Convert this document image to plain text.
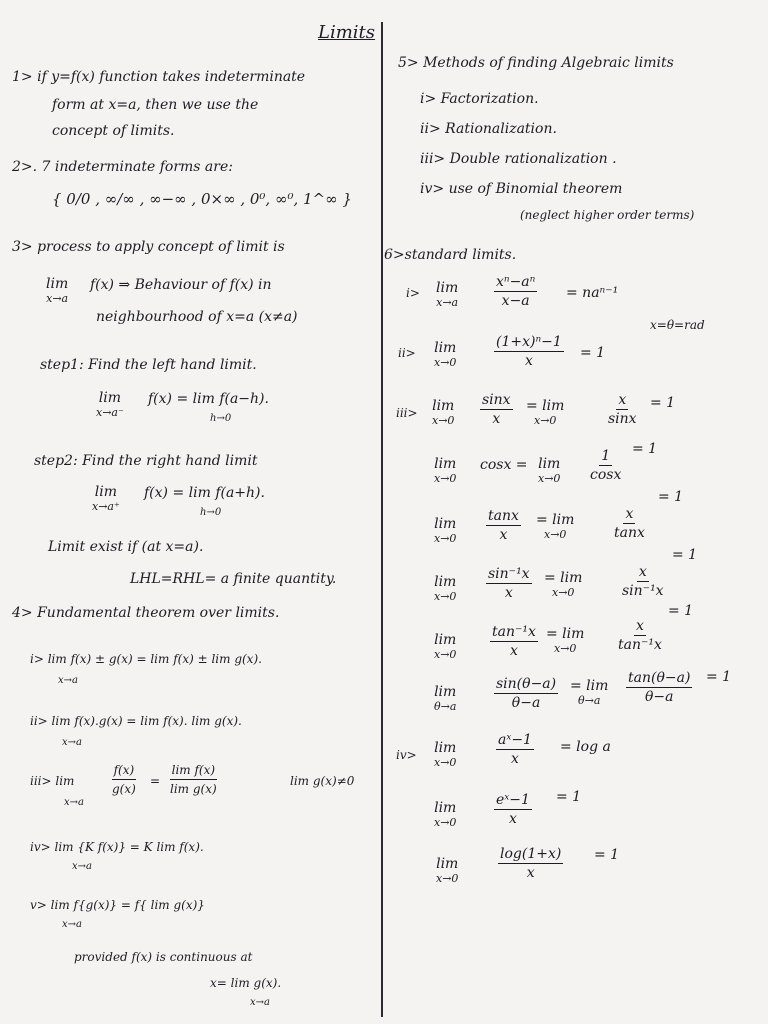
Limits
1> if y=f(x) function takes indeterminate
form at x=a, then we use the
concept of limits.
2>. 7 indeterminate forms are:
{ 0/0 , ∞/∞ , ∞−∞ , 0×∞ , 0⁰, ∞⁰, 1^∞ }
3> process to apply concept of limit is
lim
x→a
f(x) ⇒ Behaviour of f(x) in
neighbourhood of x=a (x≠a)
step1: Find the left hand limit.
lim
x→a⁻
f(x) = lim f(a−h).
h→0
step2: Find the right hand limit
lim
x→a⁺
f(x) = lim f(a+h).
h→0
Limit exist if (at x=a).
LHL=RHL= a finite quantity.
4> Fundamental theorem over limits.
i> lim f(x) ± g(x) = lim f(x) ± lim g(x).
x→a
ii> lim f(x).g(x) = lim f(x). lim g(x).
x→a
iii> lim
x→a
$\frac{f(x)}{g(x)} = \frac{\text{lim f(x)}}{\text{lim g(x)}}$	lim g(x)≠0
iv> lim {K f(x)} = K lim f(x).
x→a
v> lim f{g(x)} = f{ lim g(x)}
x→a
provided f(x) is continuous at
x= lim g(x).
x→a
5> Methods of finding Algebraic limits
i> Factorization.
ii> Rationalization.
iii> Double rationalization .
iv> use of Binomial theorem
(neglect higher order terms)
6>standard limits.
i> lim
x→a	$\frac{\text{xⁿ−aⁿ}}{x-a} = na^{n-1}$
x=θ=rad
ii> lim
x→0	$\frac{\text{(1+x)ⁿ−1}}{x} = 1$
iii> lim
$x\to 0 \frac{\sin x}{x} = \lim$
x→0	$\frac{x}{\sin x} = 1$
lim
x→0
cosx = lim
$x\to 0 \frac{1}{\cos x} = 1$
lim
$x\to 0 \frac{\tan x}{x} = \lim$
x→0	$\frac{x}{\tan x}$
= 1
lim
$x\to 0 \frac{\text{sin⁻¹x}}{x} = \lim$
x→0	$\frac{x}{\text{sin⁻¹x}}$
= 1
lim
$x\to 0 \frac{\text{tan⁻¹x}}{x} = \lim$
x→0	$\frac{x}{\text{tan⁻¹x}}$
= 1
lim
θ→a	$\frac{\sin(\theta-a)}{\theta-a} = \lim$
$\theta\to a \frac{\tan(\theta-a)}{\theta-a} = 1$
iv> lim
x→0	$\frac{\text{aˣ−1}}{x} = \log a$
lim
x→0	$\frac{\text{eˣ−1}}{x} = 1$
lim
x→0	$\frac{\log(1+x)}{x} = 1$
